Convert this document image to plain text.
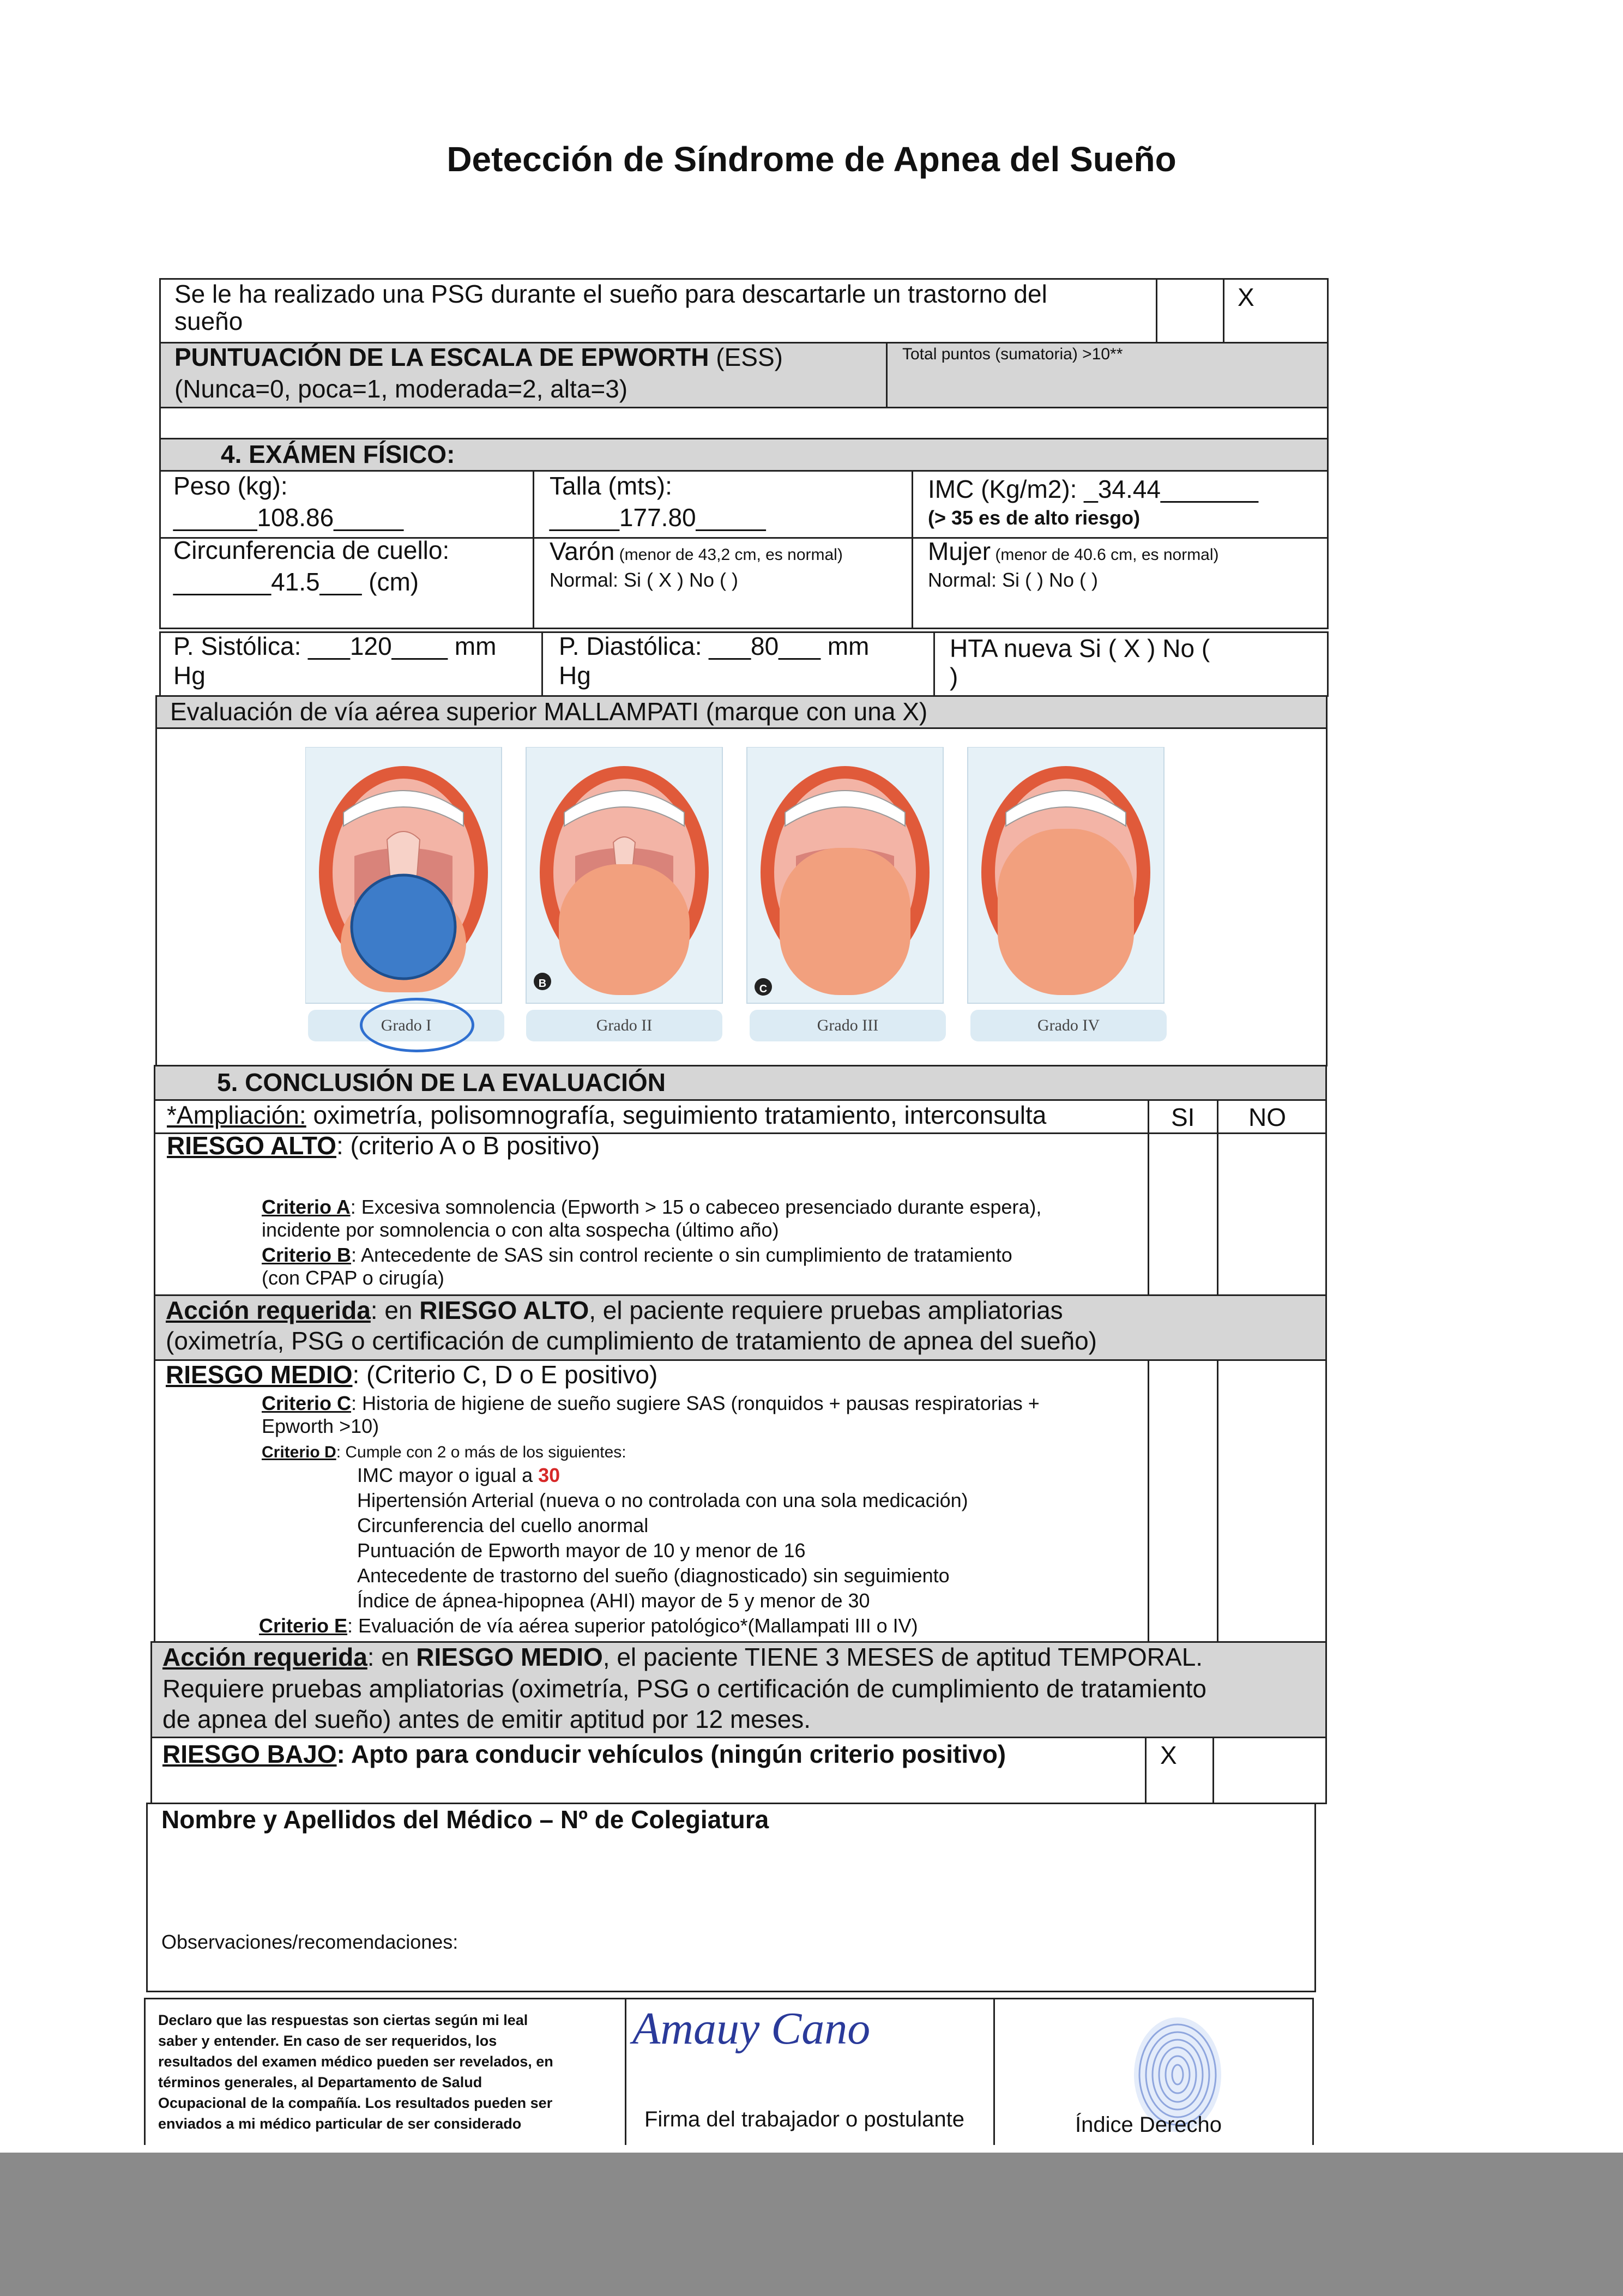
Detección de Síndrome de Apnea del Sueño
Se le ha realizado una PSG durante el sueño para descartarle un trastorno del
sueño
X
PUNTUACIÓN DE LA ESCALA DE EPWORTH (ESS)
(Nunca=0, poca=1, moderada=2, alta=3)
Total puntos (sumatoria) >10**
4. EXÁMEN FÍSICO:
Peso (kg):
______108.86_____
Talla (mts):
_____177.80_____
IMC (Kg/m2): _34.44_______
(> 35 es de alto riesgo)
Circunferencia de cuello:
_______41.5___ (cm)
Varón (menor de 43,2 cm, es normal)
Normal: Si ( X ) No ( )
Mujer (menor de 40.6 cm, es normal)
Normal: Si ( ) No ( )
P. Sistólica: ___120____ mm
Hg
P. Diastólica: ___80___ mm
Hg
HTA nueva Si ( X ) No (
)
Evaluación de vía aérea superior MALLAMPATI (marque con una X)
B	C
Grado I	Grado II	Grado III	Grado IV
5. CONCLUSIÓN DE LA EVALUACIÓN
*Ampliación: oximetría, polisomnografía, seguimiento tratamiento, interconsulta	SI NO
RIESGO ALTO: (criterio A o B positivo)
Criterio A: Excesiva somnolencia (Epworth > 15 o cabeceo presenciado durante espera),
incidente por somnolencia o con alta sospecha (último año)
Criterio B: Antecedente de SAS sin control reciente o sin cumplimiento de tratamiento
(con CPAP o cirugía)
Acción requerida: en RIESGO ALTO, el paciente requiere pruebas ampliatorias
(oximetría, PSG o certificación de cumplimiento de tratamiento de apnea del sueño)
RIESGO MEDIO: (Criterio C, D o E positivo)
Criterio C: Historia de higiene de sueño sugiere SAS (ronquidos + pausas respiratorias +
Epworth >10)
Criterio D: Cumple con 2 o más de los siguientes:
IMC mayor o igual a 30
Hipertensión Arterial (nueva o no controlada con una sola medicación)
Circunferencia del cuello anormal
Puntuación de Epworth mayor de 10 y menor de 16
Antecedente de trastorno del sueño (diagnosticado) sin seguimiento
Índice de ápnea-hipopnea (AHI) mayor de 5 y menor de 30
Criterio E: Evaluación de vía aérea superior patológico*(Mallampati III o IV)
Acción requerida: en RIESGO MEDIO, el paciente TIENE 3 MESES de aptitud TEMPORAL.
Requiere pruebas ampliatorias (oximetría, PSG o certificación de cumplimiento de tratamiento
de apnea del sueño) antes de emitir aptitud por 12 meses.
RIESGO BAJO: Apto para conducir vehículos (ningún criterio positivo)	X
Nombre y Apellidos del Médico – Nº de Colegiatura
Observaciones/recomendaciones:
Declaro que las respuestas son ciertas según mi leal
saber y entender. En caso de ser requeridos, los
resultados del examen médico pueden ser revelados, en
términos generales, al Departamento de Salud
Ocupacional de la compañía. Los resultados pueden ser
enviados a mi médico particular de ser considerado
Amauy Cano
Firma del trabajador o postulante	Índice Derecho
